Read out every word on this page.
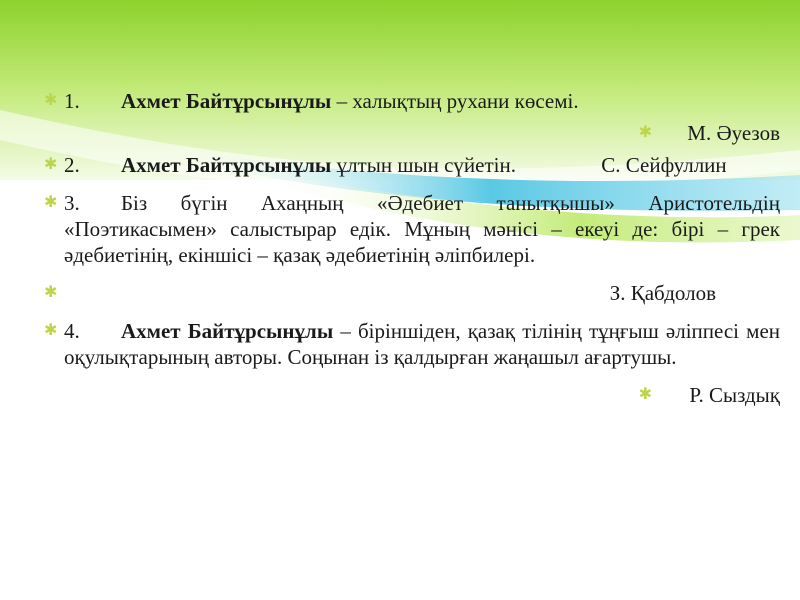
✱ 1. Ахмет Байтұрсынұлы – халықтың рухани көсемі.
✱ М. Әуезов
✱ 2. Ахмет Байтұрсынұлы ұлтын шын сүйетін.	С. Сейфуллин
✱ 3. Біз бүгін Ахаңның «Әдебиет танытқышы» Аристотельдің «Поэтикасымен» салыстырар едік. Мұның мәнісі – екеуі де: бірі – грек әдебиетінің, екіншісі – қазақ әдебиетінің әліпбилері.
✱	З. Қабдолов
✱ 4. Ахмет Байтұрсынұлы – біріншіден, қазақ тілінің тұңғыш әліппесі мен оқулықтарының авторы. Соңынан із қалдырған жаңашыл ағартушы.
✱ Р. Сыздық
